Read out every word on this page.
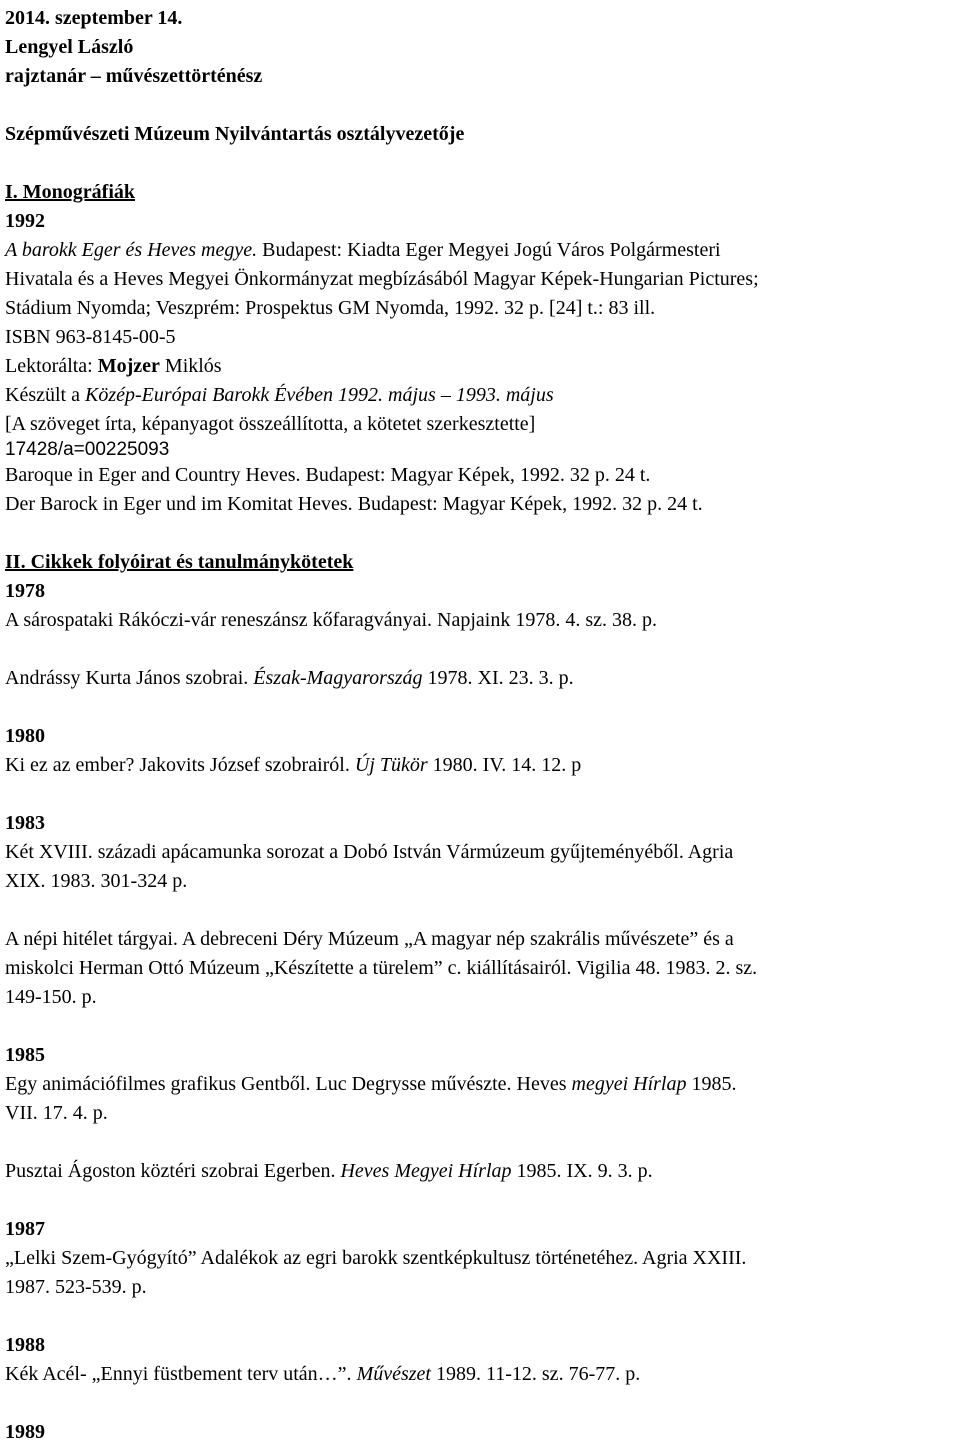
2014. szeptember 14.

Lengyel László

rajztanár – művészettörténész

Szépművészeti Múzeum Nyilvántartás osztályvezetője

I. Monográfiák

1992

A barokk Eger és Heves megye. Budapest: Kiadta Eger Megyei Jogú Város Polgármesteri

Hivatala és a Heves Megyei Önkormányzat megbízásából Magyar Képek-Hungarian Pictures;

Stádium Nyomda; Veszprém: Prospektus GM Nyomda, 1992. 32 p. [24] t.: 83 ill.

ISBN 963-8145-00-5

Lektorálta: Mojzer Miklós

Készült a Közép-Európai Barokk Évében 1992. május – 1993. május

[A szöveget írta, képanyagot összeállította, a kötetet szerkesztette]

17428/a=00225093

Baroque in Eger and Country Heves. Budapest: Magyar Képek, 1992. 32 p. 24 t.

Der Barock in Eger und im Komitat Heves. Budapest: Magyar Képek, 1992. 32 p. 24 t.

II. Cikkek folyóirat és tanulmánykötetek

1978

A sárospataki Rákóczi-vár reneszánsz kőfaragványai. Napjaink 1978. 4. sz. 38. p.

Andrássy Kurta János szobrai. Észak-Magyarország 1978. XI. 23. 3. p.

1980

Ki ez az ember? Jakovits József szobrairól. Új Tükör 1980. IV. 14. 12. p

1983

Két XVIII. századi apácamunka sorozat a Dobó István Vármúzeum gyűjteményéből. Agria

XIX. 1983. 301-324 p.

A népi hitélet tárgyai. A debreceni Déry Múzeum „A magyar nép szakrális művészete” és a

miskolci Herman Ottó Múzeum „Készítette a türelem” c. kiállításairól. Vigilia 48. 1983. 2. sz.

149-150. p.

1985

Egy animációfilmes grafikus Gentből. Luc Degrysse művészte. Heves megyei Hírlap 1985.

VII. 17. 4. p.

Pusztai Ágoston köztéri szobrai Egerben. Heves Megyei Hírlap 1985. IX. 9. 3. p.

1987

„Lelki Szem-Gyógyító” Adalékok az egri barokk szentképkultusz történetéhez. Agria XXIII.

1987. 523-539. p.

1988

Kék Acél- „Ennyi füstbement terv után…”. Művészet 1989. 11-12. sz. 76-77. p.

1989
